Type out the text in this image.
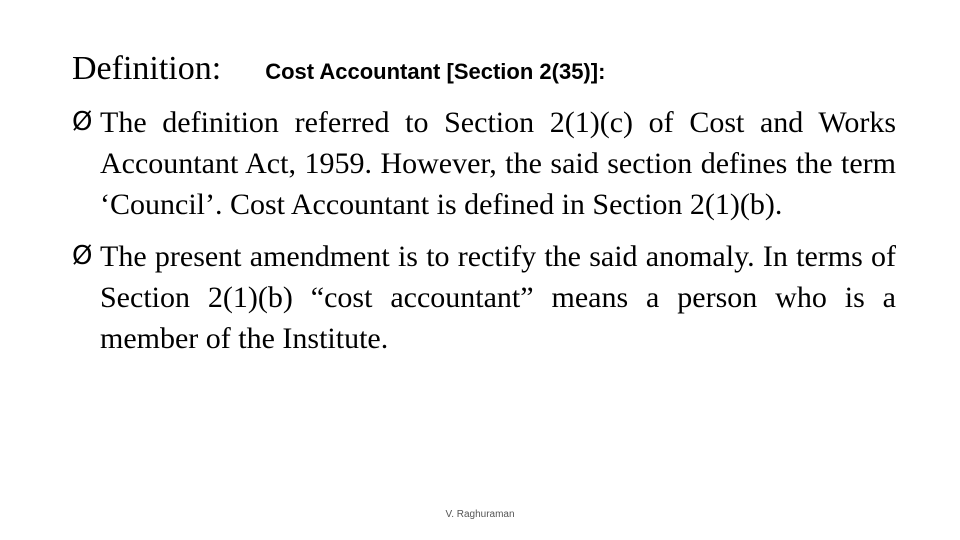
Definition: Cost Accountant [Section 2(35)]:
Ø The definition referred to Section 2(1)(c) of Cost and Works Accountant Act, 1959. However, the said section defines the term ‘Council’. Cost Accountant is defined in Section 2(1)(b).
Ø The present amendment is to rectify the said anomaly. In terms of Section 2(1)(b) “cost accountant” means a person who is a member of the Institute.
V. Raghuraman
